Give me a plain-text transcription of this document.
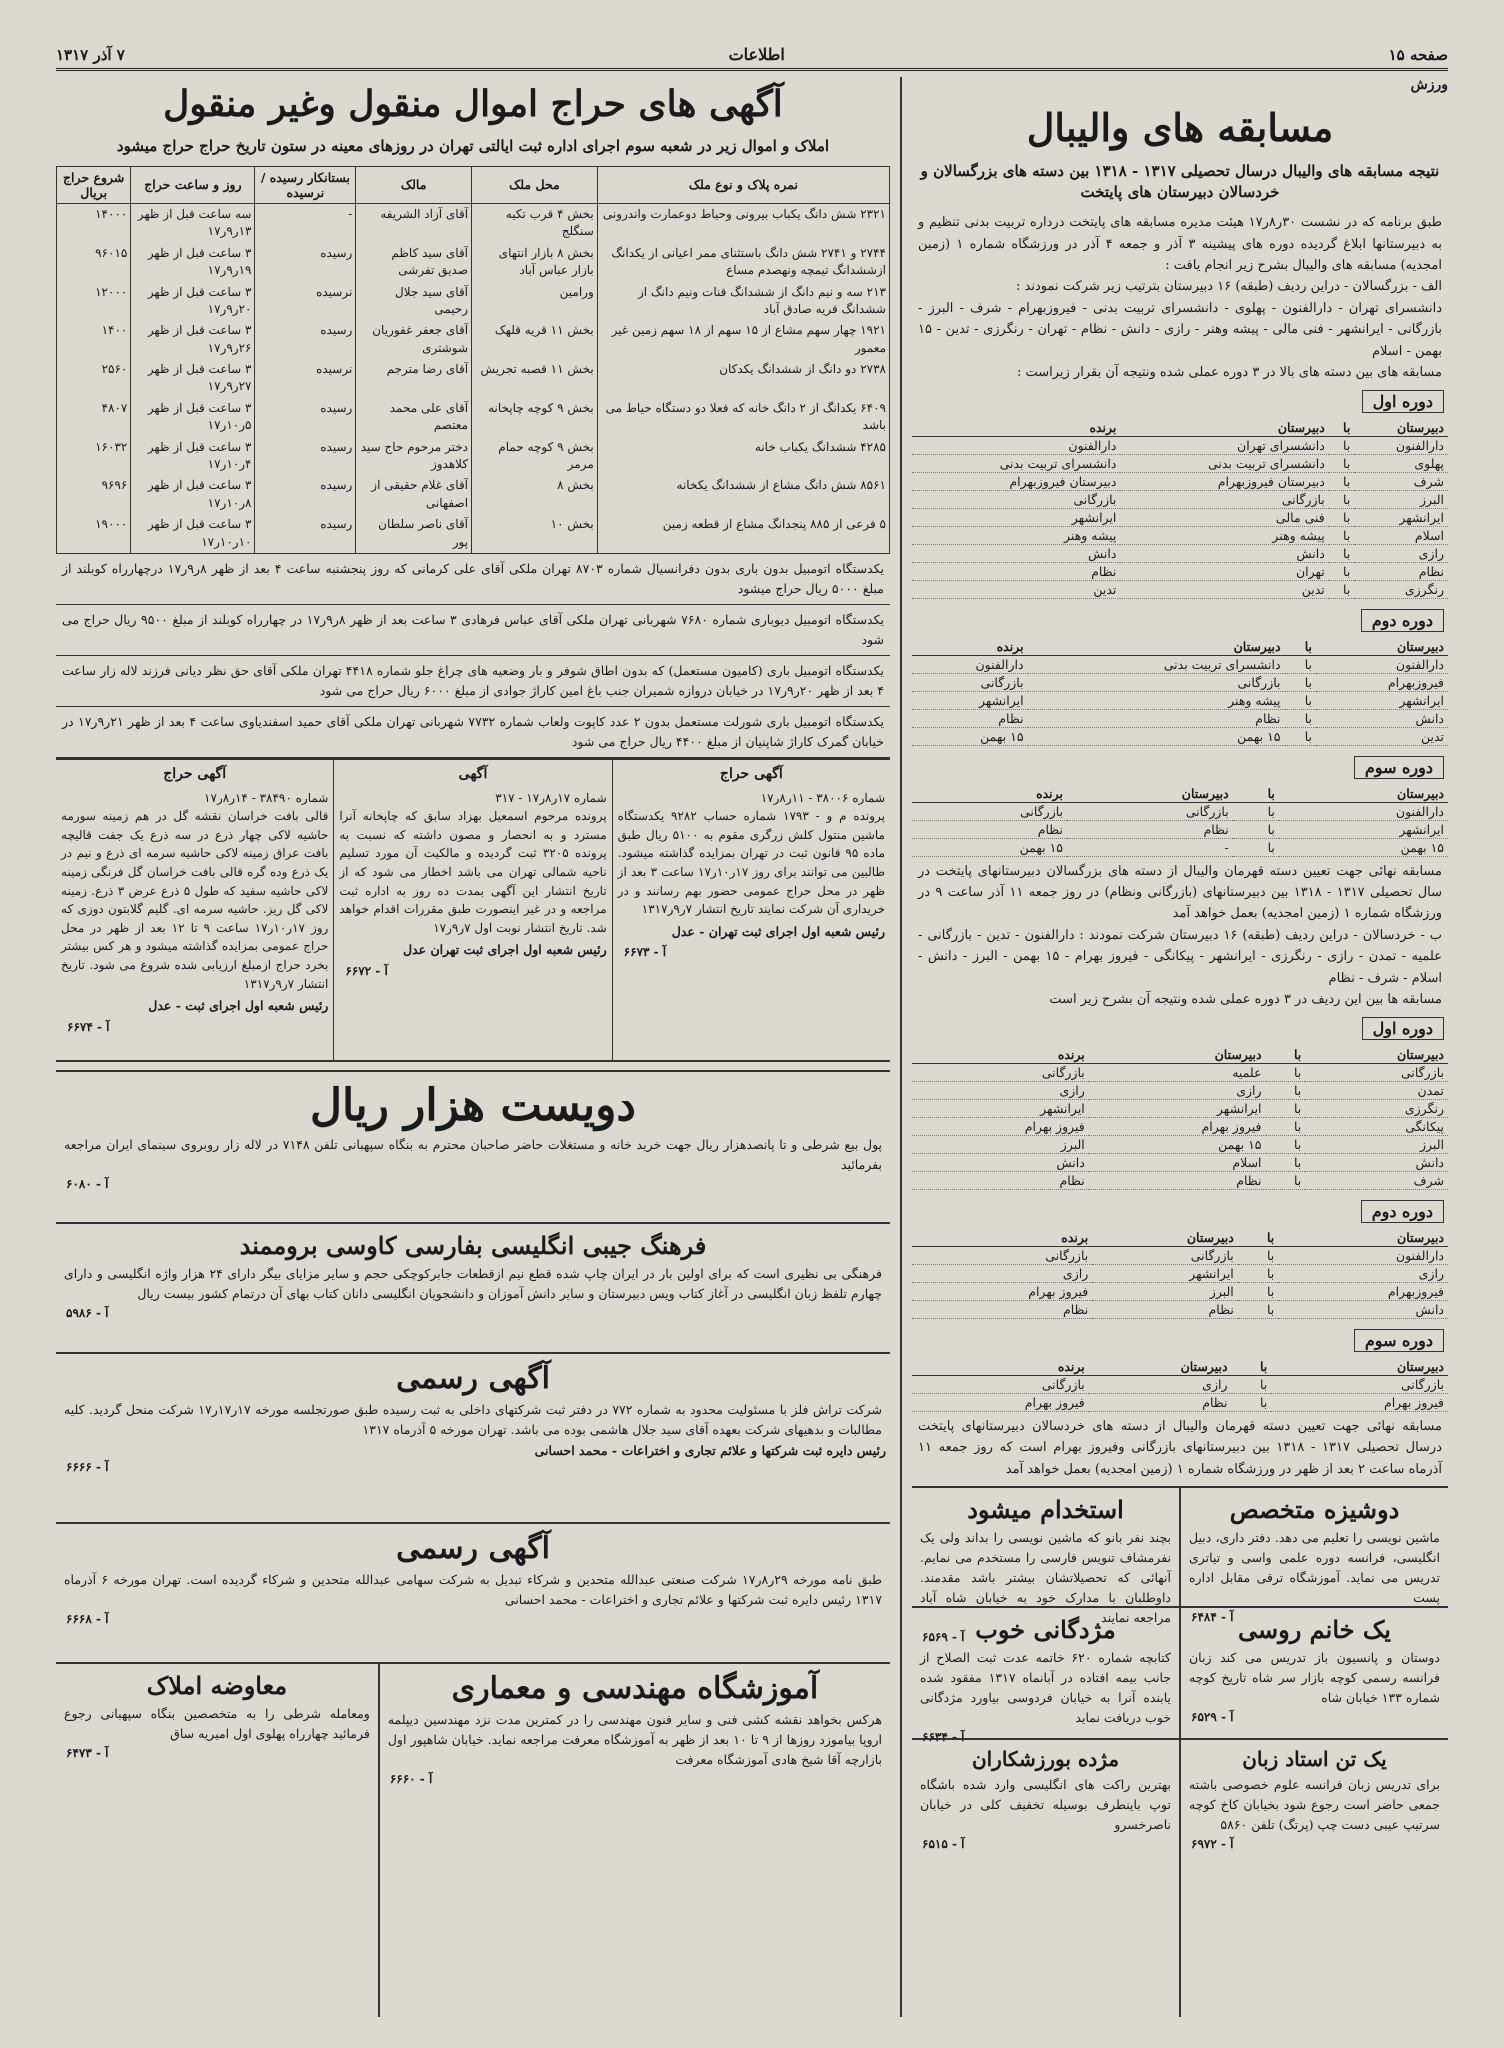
صفحه ۱۵
اطلاعات
۷ آذر ۱۳۱۷
ورزش
مسابقه های والیبال
نتیجه مسابقه های والیبال درسال تحصیلی ۱۳۱۷ - ۱۳۱۸ بین دسته های بزرگسالان و خردسالان دبیرستان های پایتخت
طبق برنامه که در نشست ۳۰ر۸ر۱۷ هیئت مدیره مسابقه های پایتخت درداره تربیت بدنی تنظیم و به دبیرستانها ابلاغ گردیده دوره های پیشینه ۳ آذر و جمعه ۴ آذر در ورزشگاه شماره ۱ (زمین امجدیه) مسابقه های والیبال بشرح زیر انجام یافت :
الف - بزرگسالان - دراین ردیف (طبقه) ۱۶ دبیرستان بترتیب زیر شرکت نمودند :
دانشسرای تهران - دارالفنون - پهلوی - دانشسرای تربیت بدنی - فیروزبهرام - شرف - البرز - بازرگانی - ایرانشهر - فنی مالی - پیشه وهنر - رازی - دانش - نظام - تهران - رنگرزی - تدین - ۱۵ بهمن - اسلام
مسابقه های بین دسته های بالا در ۳ دوره عملی شده ونتیجه آن بقرار زیراست :
دوره اول
دبیرستان	با	دبیرستان	برنده
دارالفنون	با	دانشسرای تهران	دارالفنون
پهلوی	با	دانشسرای تربیت بدنی	دانشسرای تربیت بدنی
شرف	با	دبیرستان فیروزبهرام	دبیرستان فیروزبهرام
البرز	با	بازرگانی	بازرگانی
ایرانشهر	با	فنی مالی	ایرانشهر
اسلام	با	پیشه وهنر	پیشه وهنر
رازی	با	دانش	دانش
نظام	با	تهران	نظام
رنگرزی	با	تدین	تدین
دوره دوم
دبیرستان	با	دبیرستان	برنده
دارالفنون	با	دانشسرای تربیت بدنی	دارالفنون
فیروزبهرام	با	بازرگانی	بازرگانی
ایرانشهر	با	پیشه وهنر	ایرانشهر
دانش	با	نظام	نظام
تدین	با	۱۵ بهمن	۱۵ بهمن
دوره سوم
دبیرستان	با	دبیرستان	برنده
دارالفنون	با	بازرگانی	بازرگانی
ایرانشهر	با	نظام	نظام
۱۵ بهمن	با	-	۱۵ بهمن
مسابقه نهائی جهت تعیین دسته قهرمان والیبال از دسته های بزرگسالان دبیرستانهای پایتخت در سال تحصیلی ۱۳۱۷ - ۱۳۱۸ بین دبیرستانهای (بازرگانی ونظام) در روز جمعه ۱۱ آذر ساعت ۹ در ورزشگاه شماره ۱ (زمین امجدیه) بعمل خواهد آمد
ب - خردسالان - دراین ردیف (طبقه) ۱۶ دبیرستان شرکت نمودند : دارالفنون - تدین - بازرگانی - علمیه - تمدن - رازی - رنگرزی - ایرانشهر - پیکانگی - فیروز بهرام - ۱۵ بهمن - البرز - دانش - اسلام - شرف - نظام
مسابقه ها بین این ردیف در ۳ دوره عملی شده ونتیجه آن بشرح زیر است
دوره اول
دبیرستان	با	دبیرستان	برنده
بازرگانی	با	علمیه	بازرگانی
تمدن	با	رازی	رازی
رنگرزی	با	ایرانشهر	ایرانشهر
پیکانگی	با	فیروز بهرام	فیروز بهرام
البرز	با	۱۵ بهمن	البرز
دانش	با	اسلام	دانش
شرف	با	نظام	نظام
دوره دوم
دبیرستان	با	دبیرستان	برنده
دارالفنون	با	بازرگانی	بازرگانی
رازی	با	ایرانشهر	رازی
فیروزبهرام	با	البرز	فیروز بهرام
دانش	با	نظام	نظام
دوره سوم
دبیرستان	با	دبیرستان	برنده
بازرگانی	با	رازی	بازرگانی
فیروز بهرام	با	نظام	فیروز بهرام
مسابقه نهائی جهت تعیین دسته قهرمان والیبال از دسته های خردسالان دبیرستانهای پایتخت درسال تحصیلی ۱۳۱۷ - ۱۳۱۸ بین دبیرستانهای بازرگانی وفیروز بهرام است که روز جمعه ۱۱ آذرماه ساعت ۲ بعد از ظهر در ورزشگاه شماره ۱ (زمین امجدیه) بعمل خواهد آمد
دوشیزه متخصص
ماشین نویسی را تعلیم می دهد. دفتر داری، دبیل انگلیسی، فرانسه دوره علمی واسی و تیاتری تدریس می نماید. آموزشگاه ترقی مقابل اداره پست
آ - ۶۴۸۴
استخدام میشود
بچند نفر بانو که ماشین نویسی را بداند ولی یک نفرمشاف تنویس فارسی را مستخدم می نمایم. آنهائی که تحصیلاتشان بیشتر باشد مقدمند. داوطلبان با مدارک خود به خیابان شاه آباد مراجعه نمایند
آ - ۶۵۶۹	یک خانم روسی
دوستان و پانسیون باز تدریس می کند زبان فرانسه رسمی کوچه بازار سر شاه تاریخ کوچه شماره ۱۳۳ خیابان شاه
آ - ۶۵۲۹
مژدگانی خوب
کتابچه شماره ۶۲۰ خاتمه عدت ثبت الصلاح از جانب بیمه افتاده در آبانماه ۱۳۱۷ مفقود شده یابنده آنرا به خیابان فردوسی بیاورد مژدگانی خوب دریافت نماید
آ - ۶۶۳۴
یک تن استاد زبان
برای تدریس زبان فرانسه علوم خصوصی باشته جمعی حاضر است رجوع شود بخیابان کاخ کوچه سرتیپ عیبی دست چپ (پرتگ) تلفن ۵۸۶۰
آ - ۶۹۷۲
مژده بورزشکاران
بهترین راکت های انگلیسی وارد شده باشگاه توپ باینطرف بوسیله تخفیف کلی در خیابان ناصرخسرو
آ - ۶۵۱۵
آگهی های حراج اموال منقول وغیر منقول
املاک و اموال زیر در شعبه سوم اجرای اداره ثبت ایالتی تهران در روزهای معینه در ستون تاریخ حراج حراج میشود
نمره پلاک و نوع ملک	محل ملک	مالک	بستانکار رسیده / نرسیده	روز و ساعت حراج	شروع حراج بریال
۲۳۲۱ شش دانگ یکباب بیرونی وحیاط دوعمارت واندرونی	بخش ۴ قرب تکیه سنگلج	آقای آزاد الشریفه	-	سه ساعت قبل از ظهر ۱۳ر۹ر۱۷	۱۴۰۰۰
۲۷۴۴ و ۲۷۴۱ شش دانگ باستثنای ممر اعیانی از یکدانگ ازششدانگ تیمچه ونهصدم مساع	بخش ۸ بازار انتهای بازار عباس آباد	آقای سید کاظم صدیق تفرشی	رسیده	۳ ساعت قبل از ظهر ۱۹ر۹ر۱۷	۹۶۰۱۵
۲۱۳ سه و نیم دانگ از ششدانگ قنات ونیم دانگ از ششدانگ قریه صادق آباد	ورامین	آقای سید جلال رحیمی	نرسیده	۳ ساعت قبل از ظهر ۲۰ر۹ر۱۷	۱۲۰۰۰
۱۹۲۱ چهار سهم مشاع از ۱۵ سهم از ۱۸ سهم زمین غیر معمور	بخش ۱۱ قریه قلهک	آقای جعفر غفوریان شوشتری	رسیده	۳ ساعت قبل از ظهر ۲۶ر۹ر۱۷	۱۴۰۰
۲۷۳۸ دو دانگ از ششدانگ یکدکان	بخش ۱۱ قصبه تجریش	آقای رضا مترجم	نرسیده	۳ ساعت قبل از ظهر ۲۷ر۹ر۱۷	۲۵۶۰
۶۴۰۹ یکدانگ از ۲ دانگ خانه که فعلا دو دستگاه حیاط می باشد	بخش ۹ کوچه چاپخانه	آقای علی محمد معتصم	رسیده	۳ ساعت قبل از ظهر ۵ر۱۰ر۱۷	۴۸۰۷
۴۲۸۵ ششدانگ یکباب خانه	بخش ۹ کوچه حمام مرمر	دختر مرحوم حاج سید کلاهدوز	رسیده	۳ ساعت قبل از ظهر ۴ر۱۰ر۱۷	۱۶۰۳۲
۸۵۶۱ شش دانگ مشاع از ششدانگ یکخانه	بخش ۸	آقای غلام حقیقی از اصفهانی	رسیده	۳ ساعت قبل از ظهر ۸ر۱۰ر۱۷	۹۶۹۶
۵ فرعی از ۸۸۵ پنجدانگ مشاع از قطعه زمین	بخش ۱۰	آقای ناصر سلطان پور	رسیده	۳ ساعت قبل از ظهر ۱۰ر۱۰ر۱۷	۱۹۰۰۰
یکدستگاه اتومبیل بدون باری بدون دفرانسیال شماره ۸۷۰۳ تهران ملکی آقای علی کرمانی که روز پنجشنبه ساعت ۴ بعد از ظهر ۸ر۹ر۱۷ درچهارراه کوبلند از مبلغ ۵۰۰۰ ریال حراج میشود
یکدستگاه اتومبیل دیوباری شماره ۷۶۸۰ شهربانی تهران ملکی آقای عباس فرهادی ۳ ساعت بعد از ظهر ۸ر۹ر۱۷ در چهارراه کوبلند از مبلغ ۹۵۰۰ ریال حراج می شود
یکدستگاه اتومبیل باری (کامیون مستعمل) که بدون اطاق شوفر و بار وضعیه های چراغ جلو شماره ۴۴۱۸ تهران ملکی آقای حق نظر دیانی فرزند لاله زار ساعت ۴ بعد از ظهر ۲۰ر۹ر۱۷ در خیابان دروازه شمیران جنب باغ امین کاراژ جوادی از مبلغ ۶۰۰۰ ریال حراج می شود
یکدستگاه اتومبیل باری شورلت مستعمل بدون ۲ عدد کاپوت ولعاب شماره ۷۷۳۲ شهربانی تهران ملکی آقای حمید اسفندیاوی ساعت ۴ بعد از ظهر ۲۱ر۹ر۱۷ در خیابان گمرک کاراژ شاپنیان از مبلغ ۴۴۰۰ ریال حراج می شود
آگهی حراج
شماره ۳۸۰۰۶ - ۱۱ر۸ر۱۷
پرونده م و - ۱۷۹۳ شماره حساب ۹۲۸۲ یکدستگاه ماشین منتول کلش زرگری مقوم به ۵۱۰۰ ریال طبق ماده ۹۵ قانون ثبت در تهران بمزایده گذاشته میشود. طالبین می توانند برای روز ۱۷ر۱۰ر۱۷ ساعت ۳ بعد از ظهر در محل حراج عمومی حضور بهم رسانند و در خریداری آن شرکت نمایند تاریخ انتشار ۷ر۹ر۱۳۱۷
رئیس شعبه اول اجرای ثبت تهران - عدل
آ - ۶۶۷۳
آگهی
شماره ۱۷ر۸ر۱۷ - ۳۱۷
پرونده مرحوم اسمعیل بهزاد سابق که چاپخانه آنرا مسترد و به انحصار و مصون داشته که نسبت به پرونده ۳۲۰۵ ثبت گردیده و مالکیت آن مورد تسلیم ناحیه شمالی تهران می باشد اخطار می شود که از تاریخ انتشار این آگهی بمدت ده روز به اداره ثبت مراجعه و در غیر اینصورت طبق مقررات اقدام خواهد شد. تاریخ انتشار نوبت اول ۷ر۹ر۱۷
رئیس شعبه اول اجرای ثبت تهران عدل
آ - ۶۶۷۲
آگهی حراج
شماره ۳۸۴۹۰ - ۱۴ر۸ر۱۷
قالی بافت خراسان نقشه گل در هم زمینه سورمه حاشیه لاکی چهار ذرع در سه ذرع یک جفت قالیچه بافت عراق زمینه لاکی حاشیه سرمه ای ذرع و نیم در یک ذرع وده گره قالی بافت خراسان گل فرنگی زمینه لاکی حاشیه سفید که طول ۵ ذرع عرض ۳ ذرع. زمینه لاکی گل ریز. حاشیه سرمه ای. گلیم گلابتون دوزی که روز ۱۷ر۱۰ر۱۷ ساعت ۹ تا ۱۲ بعد از ظهر در محل حراج عمومی بمزایده گذاشته میشود و هر کس بیشتر بخرد حراج ازمبلغ ارزیابی شده شروع می شود. تاریخ انتشار ۷ر۹ر۱۳۱۷
رئیس شعبه اول اجرای ثبت - عدل
آ - ۶۶۷۴
دویست هزار ریال
پول بیع شرطی و تا پانصدهزار ریال جهت خرید خانه و مستغلات حاضر صاحبان محترم به بنگاه سپهبانی تلفن ۷۱۴۸ در لاله زار روبروی سینمای ایران مراجعه بفرمائید
آ - ۶۰۸۰
فرهنگ جیبی انگلیسی بفارسی کاوسی بروممند
فرهنگی بی نظیری است که برای اولین بار در ایران چاپ شده قطع نیم ازقطعات جابرکوچکی حجم و سایر مزایای بیگر دارای ۲۴ هزار واژه انگلیسی و دارای چهارم تلفظ زبان انگلیسی در آغاز کتاب ویس دبیرستان و سایر دانش آموزان و دانشجویان انگلیسی دانان کتاب بهای آن درتمام کشور بیست ریال
آ - ۵۹۸۶
آگهی رسمی
شرکت تراش فلز با مسئولیت محدود به شماره ۷۷۲ در دفتر ثبت شرکتهای داخلی به ثبت رسیده طبق صورتجلسه مورخه ۱۷ر۱۷ر۱۷ شرکت منحل گردید. کلیه مطالبات و بدهیهای شرکت بعهده آقای سید جلال هاشمی بوده می باشد. تهران مورخه ۵ آذرماه ۱۳۱۷
رئیس دایره ثبت شرکتها و علائم تجاری و اختراعات - محمد احسانی
آ - ۶۶۶۶
آگهی رسمی
طبق نامه مورخه ۲۹ر۸ر۱۷ شرکت صنعتی عبدالله متحدین و شرکاء تبدیل به شرکت سهامی عبدالله متحدین و شرکاء گردیده است. تهران مورخه ۶ آذرماه ۱۳۱۷ رئیس دایره ثبت شرکتها و علائم تجاری و اختراعات - محمد احسانی
آ - ۶۶۶۸
آموزشگاه مهندسی و معماری
هرکس بخواهد نقشه کشی فنی و سایر فنون مهندسی را در کمترین مدت نزد مهندسین دیپلمه اروپا بیاموزد روزها از ۹ تا ۱۰ بعد از ظهر به آموزشگاه معرفت مراجعه نماید. خیابان شاهپور اول بازارچه آقا شیخ هادی آموزشگاه معرفت
آ - ۶۶۶۰
معاوضه املاک
ومعامله شرطی را به متخصصین بنگاه سپهبانی رجوع فرمائید چهارراه پهلوی اول امیریه ساق
آ - ۶۴۷۳
